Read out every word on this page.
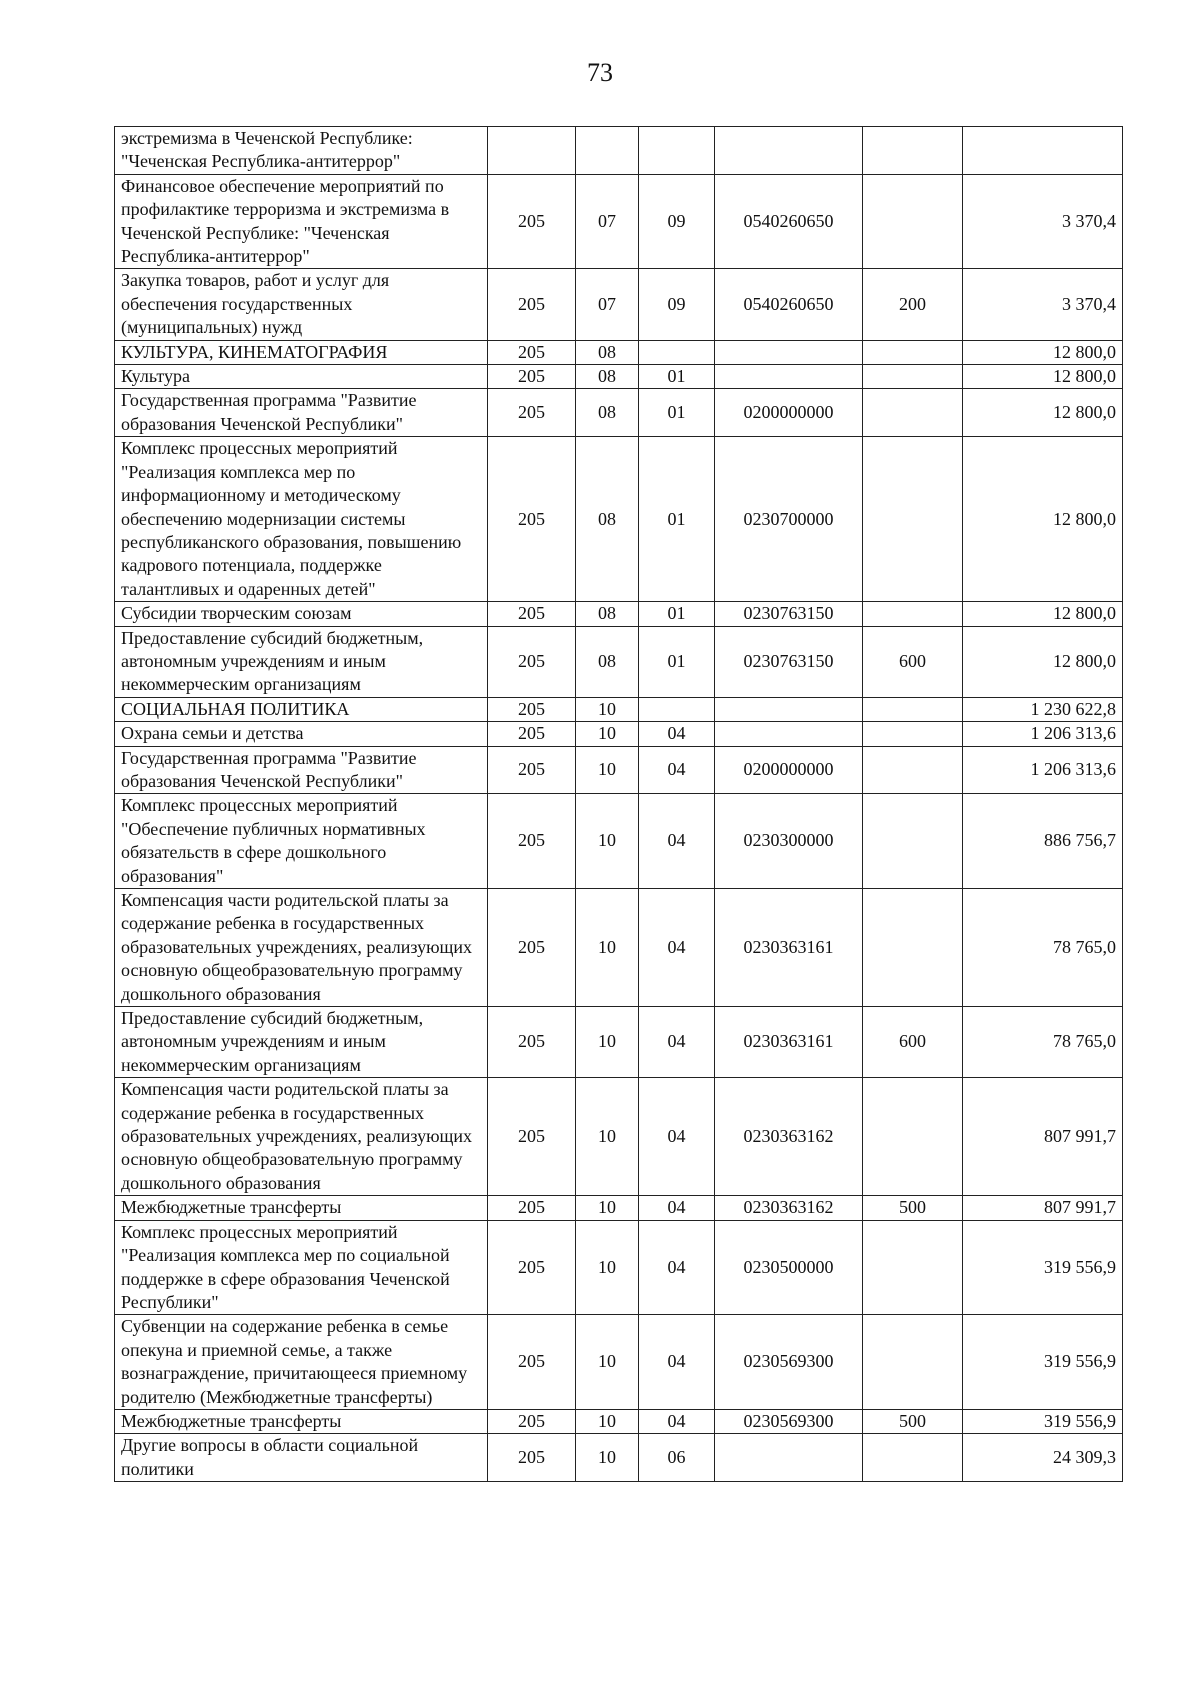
73
экстремизма в Чеченской Республике: "Чеченская Республика-антитеррор"						
Финансовое обеспечение мероприятий по профилактике терроризма и экстремизма в Чеченской Республике: "Чеченская Республика-антитеррор"	205	07	09	0540260650		3 370,4
Закупка товаров, работ и услуг для обеспечения государственных (муниципальных) нужд	205	07	09	0540260650	200	3 370,4
КУЛЬТУРА, КИНЕМАТОГРАФИЯ	205	08				12 800,0
Культура	205	08	01			12 800,0
Государственная программа "Развитие образования Чеченской Республики"	205	08	01	0200000000		12 800,0
Комплекс процессных мероприятий "Реализация комплекса мер по информационному и методическому обеспечению модернизации системы республиканского образования, повышению кадрового потенциала, поддержке талантливых и одаренных детей"	205	08	01	0230700000		12 800,0
Субсидии творческим союзам	205	08	01	0230763150		12 800,0
Предоставление субсидий бюджетным, автономным учреждениям и иным некоммерческим организациям	205	08	01	0230763150	600	12 800,0
СОЦИАЛЬНАЯ ПОЛИТИКА	205	10				1 230 622,8
Охрана семьи и детства	205	10	04			1 206 313,6
Государственная программа "Развитие образования Чеченской Республики"	205	10	04	0200000000		1 206 313,6
Комплекс процессных мероприятий "Обеспечение публичных нормативных обязательств в сфере дошкольного образования"	205	10	04	0230300000		886 756,7
Компенсация части родительской платы за содержание ребенка в государственных образовательных учреждениях, реализующих основную общеобразовательную программу дошкольного образования	205	10	04	0230363161		78 765,0
Предоставление субсидий бюджетным, автономным учреждениям и иным некоммерческим организациям	205	10	04	0230363161	600	78 765,0
Компенсация части родительской платы за содержание ребенка в государственных образовательных учреждениях, реализующих основную общеобразовательную программу дошкольного образования	205	10	04	0230363162		807 991,7
Межбюджетные трансферты	205	10	04	0230363162	500	807 991,7
Комплекс процессных мероприятий "Реализация комплекса мер по социальной поддержке в сфере образования Чеченской Республики"	205	10	04	0230500000		319 556,9
Субвенции на содержание ребенка в семье опекуна и приемной семье, а также вознаграждение, причитающееся приемному родителю (Межбюджетные трансферты)	205	10	04	0230569300		319 556,9
Межбюджетные трансферты	205	10	04	0230569300	500	319 556,9
Другие вопросы в области социальной политики	205	10	06			24 309,3
